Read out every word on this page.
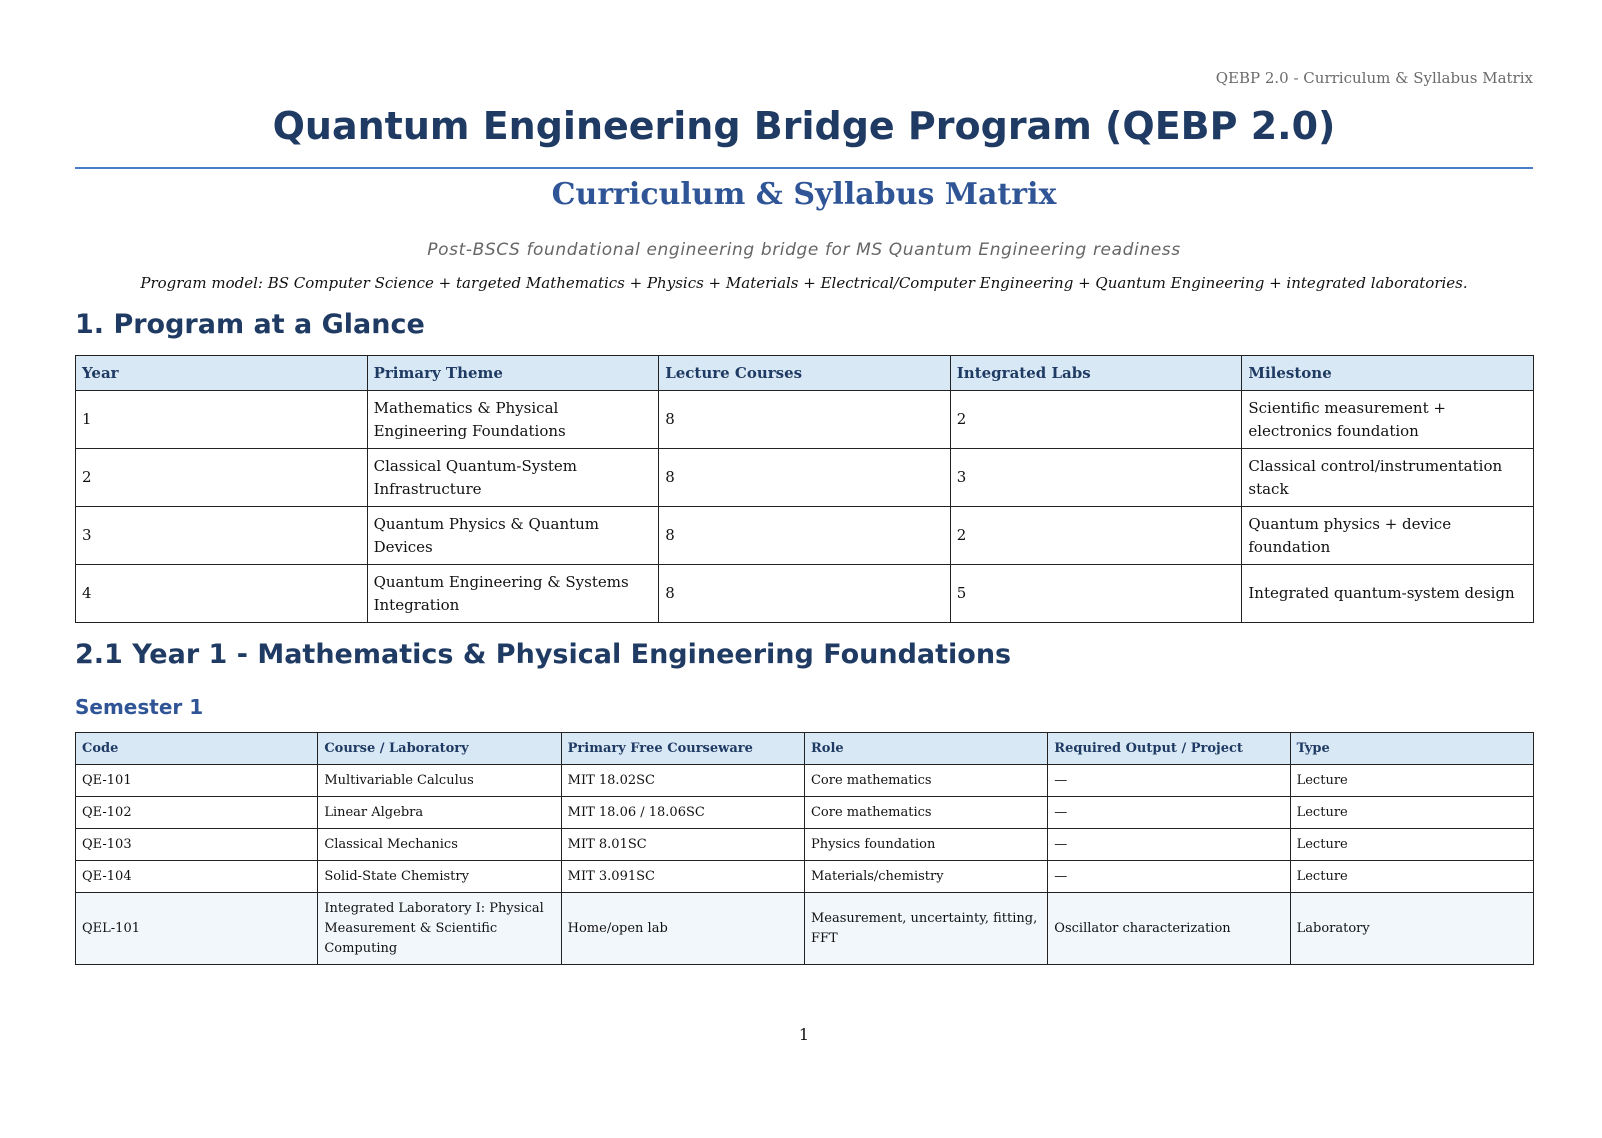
QEBP 2.0 - Curriculum & Syllabus Matrix
Quantum Engineering Bridge Program (QEBP 2.0)
Curriculum & Syllabus Matrix
Post-BSCS foundational engineering bridge for MS Quantum Engineering readiness
Program model: BS Computer Science + targeted Mathematics + Physics + Materials + Electrical/Computer Engineering + Quantum Engineering + integrated laboratories.
1. Program at a Glance
Year	Primary Theme	Lecture Courses	Integrated Labs	Milestone
1	Mathematics & Physical Engineering Foundations	8	2	Scientific measurement + electronics foundation
2	Classical Quantum-System Infrastructure	8	3	Classical control/instrumentation stack
3	Quantum Physics & Quantum Devices	8	2	Quantum physics + device foundation
4	Quantum Engineering & Systems Integration	8	5	Integrated quantum-system design
2.1 Year 1 - Mathematics & Physical Engineering Foundations
Semester 1
Code	Course / Laboratory	Primary Free Courseware	Role	Required Output / Project	Type
QE-101	Multivariable Calculus	MIT 18.02SC	Core mathematics	—	Lecture
QE-102	Linear Algebra	MIT 18.06 / 18.06SC	Core mathematics	—	Lecture
QE-103	Classical Mechanics	MIT 8.01SC	Physics foundation	—	Lecture
QE-104	Solid-State Chemistry	MIT 3.091SC	Materials/chemistry	—	Lecture
QEL-101	Integrated Laboratory I: Physical Measurement & Scientific Computing	Home/open lab	Measurement, uncertainty, fitting, FFT	Oscillator characterization	Laboratory
1
